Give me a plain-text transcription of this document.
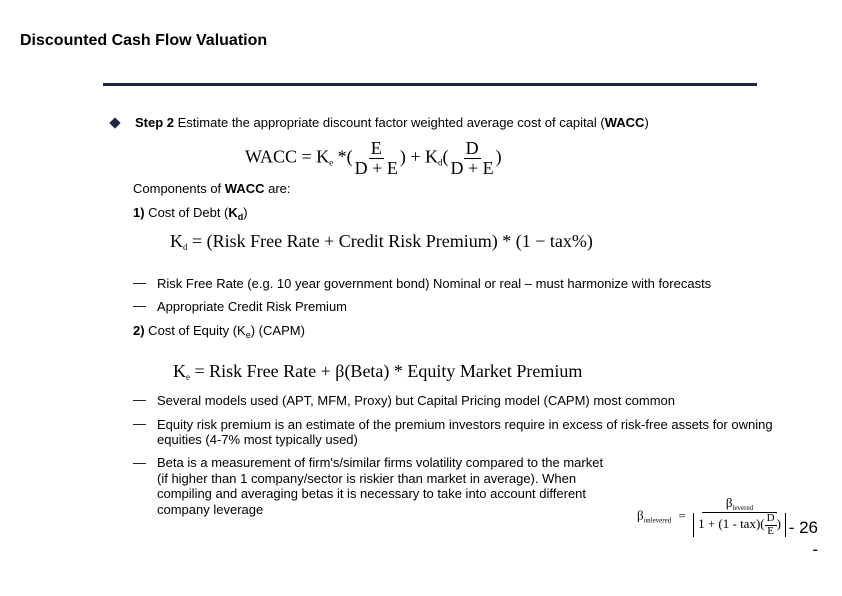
Discounted Cash Flow Valuation
Step 2 Estimate the appropriate discount factor weighted average cost of capital (WACC)
WACC = $K_e$ *( $\frac{E}{D + E}$ ) + $K_d( \frac{D}{D + E}$ )
Components of WACC are:
1) Cost of Debt $(K_d)$
$K_d$ = (Risk Free Rate + Credit Risk Premium) * (1 − tax%)
— Risk Free Rate (e.g. 10 year government bond) Nominal or real – must harmonize with forecasts
— Appropriate Credit Risk Premium
2) Cost of Equity $(K_e)$ (CAPM)
$K_e$ = Risk Free Rate + β(Beta) * Equity Market Premium
— Several models used (APT, MFM, Proxy) but Capital Pricing model (CAPM) most common
— Equity risk premium is an estimate of the premium investors require in excess of risk-free assets for owning equities (4-7% most typically used)
— Beta is a measurement of firm's/similar firms volatility compared to the market (if higher than 1 company/sector is riskier than market in average). When compiling and averaging betas it is necessary to take into account different company leverage	$\beta_{unlevered} = \frac{\beta_{levered}}{1 + (1 - tax)( \frac{D}{E} )} - 26$ -
